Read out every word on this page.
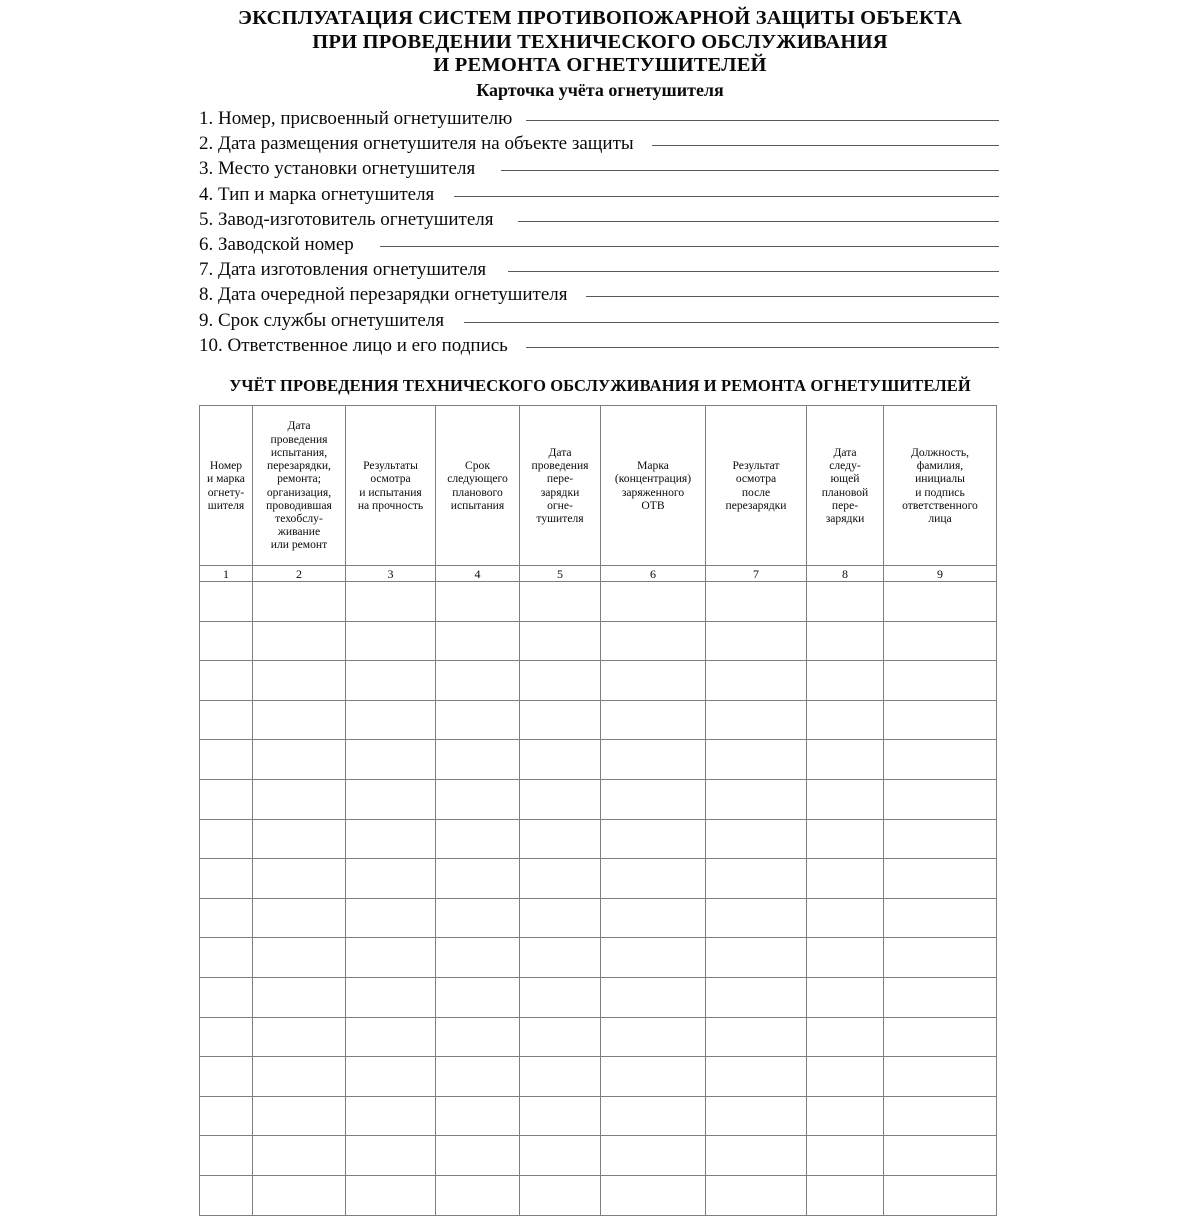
ЭКСПЛУАТАЦИЯ СИСТЕМ ПРОТИВОПОЖАРНОЙ ЗАЩИТЫ ОБЪЕКТА
ПРИ ПРОВЕДЕНИИ ТЕХНИЧЕСКОГО ОБСЛУЖИВАНИЯ
И РЕМОНТА ОГНЕТУШИТЕЛЕЙ
Карточка учёта огнетушителя
1. Номер, присвоенный огнетушителю
2. Дата размещения огнетушителя на объекте защиты
3. Место установки огнетушителя
4. Тип и марка огнетушителя
5. Завод-изготовитель огнетушителя
6. Заводской номер
7. Дата изготовления огнетушителя
8. Дата очередной перезарядки огнетушителя
9. Срок службы огнетушителя
10. Ответственное лицо и его подпись
УЧЁТ ПРОВЕДЕНИЯ ТЕХНИЧЕСКОГО ОБСЛУЖИВАНИЯ И РЕМОНТА ОГНЕТУШИТЕЛЕЙ
Номер
и марка
огнету-
шителя

Дата
проведения
испытания,
перезарядки,
ремонта;
организация,
проводившая
техобслу-
живание
или ремонт

Результаты
осмотра
и испытания
на прочность

Срок
следующего
планового
испытания

Дата
проведения
пере-
зарядки
огне-
тушителя

Марка
(концентрация)
заряженного
ОТВ

Результат
осмотра
после
перезарядки

Дата
следу-
ющей
плановой
пере-
зарядки

Должность,
фамилия,
инициалы
и подпись
ответственного
лица

1	2	3	4	5	6	7	8	9
